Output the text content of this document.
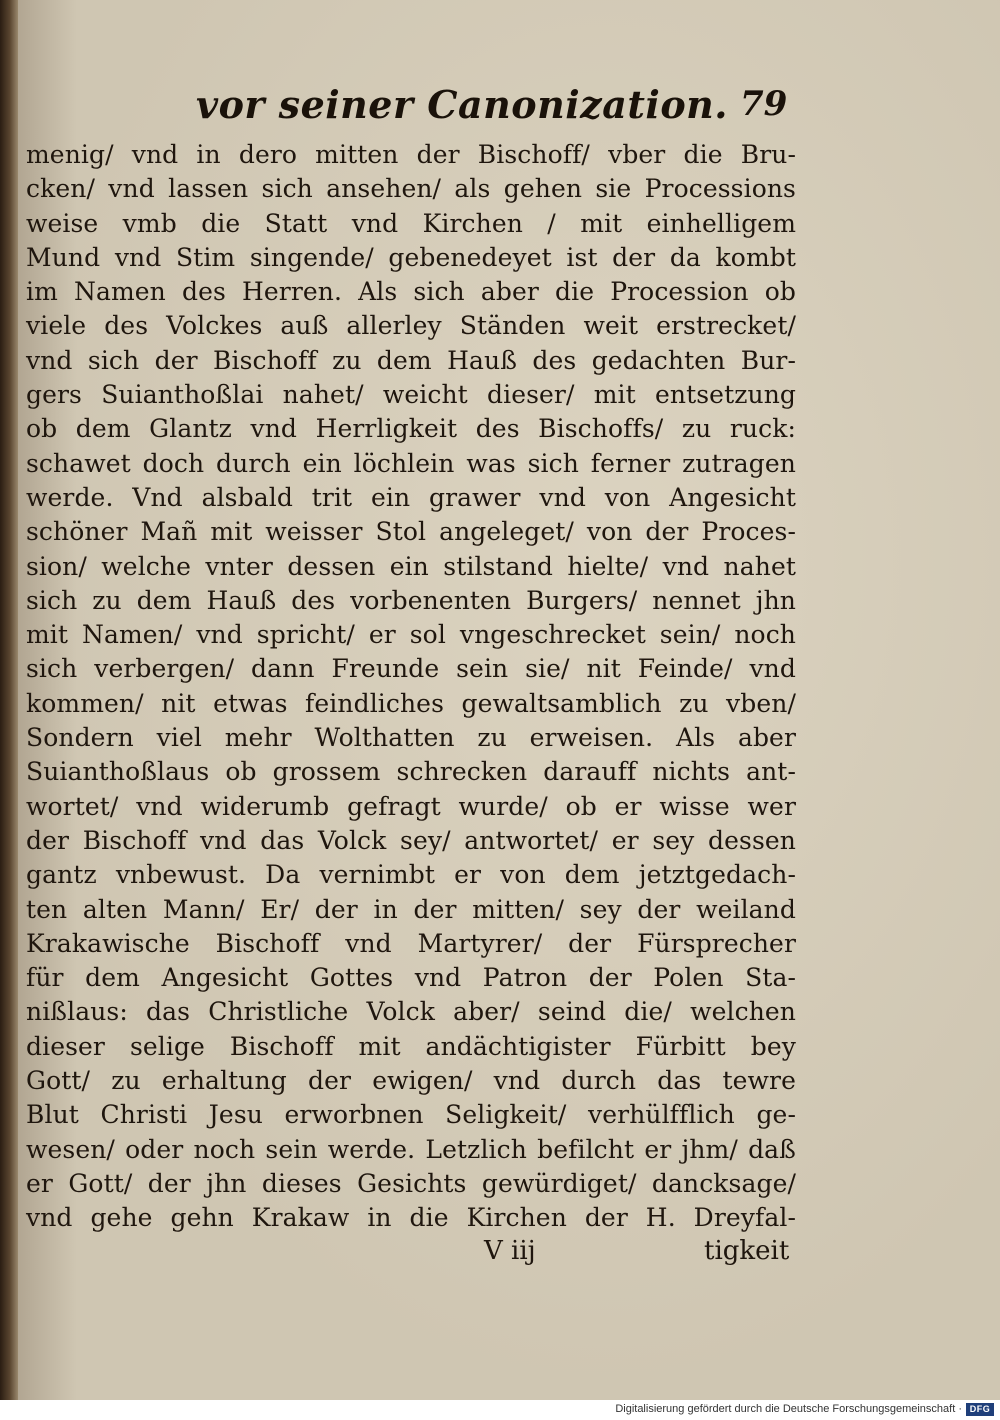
vor seiner Canonization. 79
menig/ vnd in dero mitten der Bischoff/ vber die Bru-
cken/ vnd lassen sich ansehen/ als gehen sie Processions
weise vmb die Statt vnd Kirchen / mit einhelligem
Mund vnd Stim singende/ gebenedeyet ist der da kombt
im Namen des Herren. Als sich aber die Procession ob
viele des Volckes auß allerley Ständen weit erstrecket/
vnd sich der Bischoff zu dem Hauß des gedachten Bur-
gers Suianthoßlai nahet/ weicht dieser/ mit entsetzung
ob dem Glantz vnd Herrligkeit des Bischoffs/ zu ruck:
schawet doch durch ein löchlein was sich ferner zutragen
werde. Vnd alsbald trit ein grawer vnd von Angesicht
schöner Mañ mit weisser Stol angeleget/ von der Proces-
sion/ welche vnter dessen ein stilstand hielte/ vnd nahet
sich zu dem Hauß des vorbenenten Burgers/ nennet jhn
mit Namen/ vnd spricht/ er sol vngeschrecket sein/ noch
sich verbergen/ dann Freunde sein sie/ nit Feinde/ vnd
kommen/ nit etwas feindliches gewaltsamblich zu vben/
Sondern viel mehr Wolthatten zu erweisen. Als aber
Suianthoßlaus ob grossem schrecken darauff nichts ant-
wortet/ vnd widerumb gefragt wurde/ ob er wisse wer
der Bischoff vnd das Volck sey/ antwortet/ er sey dessen
gantz vnbewust. Da vernimbt er von dem jetztgedach-
ten alten Mann/ Er/ der in der mitten/ sey der weiland
Krakawische Bischoff vnd Martyrer/ der Fürsprecher
für dem Angesicht Gottes vnd Patron der Polen Sta-
nißlaus: das Christliche Volck aber/ seind die/ welchen
dieser selige Bischoff mit andächtigister Fürbitt bey
Gott/ zu erhaltung der ewigen/ vnd durch das tewre
Blut Christi Jesu erworbnen Seligkeit/ verhülfflich ge-
wesen/ oder noch sein werde. Letzlich befilcht er jhm/ daß
er Gott/ der jhn dieses Gesichts gewürdiget/ dancksage/
vnd gehe gehn Krakaw in die Kirchen der H. Dreyfal-
V iij	tigkeit
Digitalisierung gefördert durch die Deutsche Forschungsgemeinschaft · DFG
